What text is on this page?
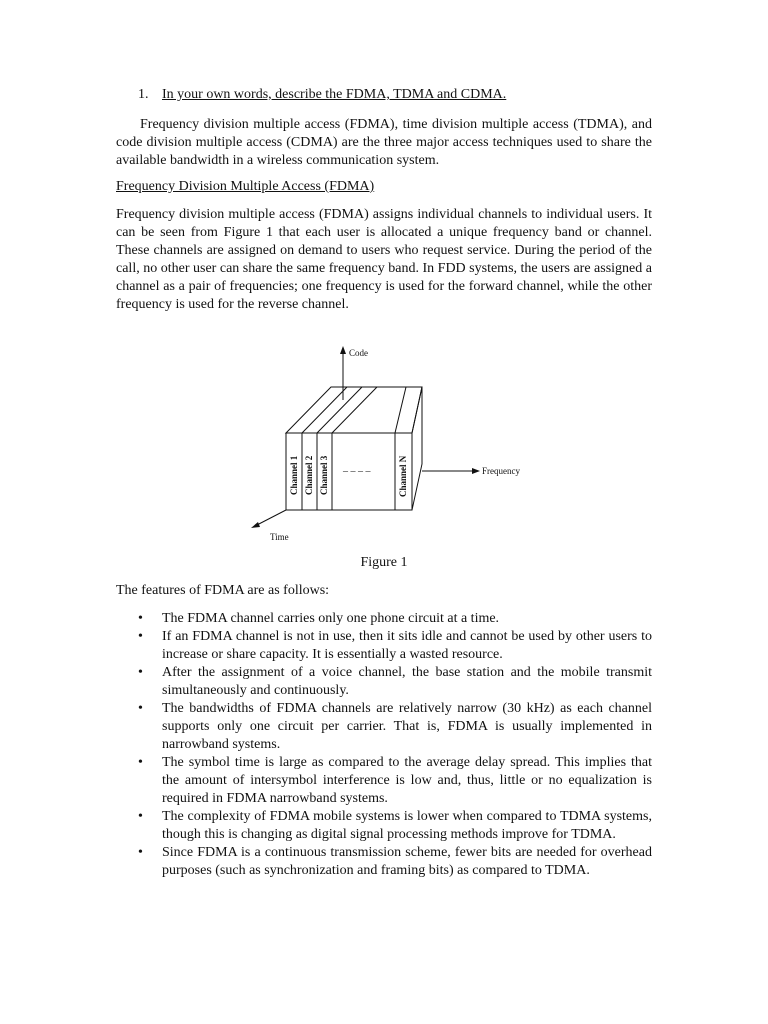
1. In your own words, describe the FDMA, TDMA and CDMA.

Frequency division multiple access (FDMA), time division multiple access (TDMA), and code division multiple access (CDMA) are the three major access techniques used to share the available bandwidth in a wireless communication system.

Frequency Division Multiple Access (FDMA)

Frequency division multiple access (FDMA) assigns individual channels to individual users. It can be seen from Figure 1 that each user is allocated a unique frequency band or channel. These channels are assigned on demand to users who request service. During the period of the call, no other user can share the same frequency band. In FDD systems, the users are assigned a channel as a pair of frequencies; one frequency is used for the forward channel, while the other frequency is used for the reverse channel.

Code
Frequency
Time
Channel 1 Channel 2 Channel 3	Channel N
– – – –
Figure 1
The features of FDMA are as follows:
• The FDMA channel carries only one phone circuit at a time.
• If an FDMA channel is not in use, then it sits idle and cannot be used by other users to increase or share capacity. It is essentially a wasted resource.
• After the assignment of a voice channel, the base station and the mobile transmit simultaneously and continuously.
• The bandwidths of FDMA channels are relatively narrow (30 kHz) as each channel supports only one circuit per carrier. That is, FDMA is usually implemented in narrowband systems.
• The symbol time is large as compared to the average delay spread. This implies that the amount of intersymbol interference is low and, thus, little or no equalization is required in FDMA narrowband systems.
• The complexity of FDMA mobile systems is lower when compared to TDMA systems, though this is changing as digital signal processing methods improve for TDMA.
• Since FDMA is a continuous transmission scheme, fewer bits are needed for overhead purposes (such as synchronization and framing bits) as compared to TDMA.
